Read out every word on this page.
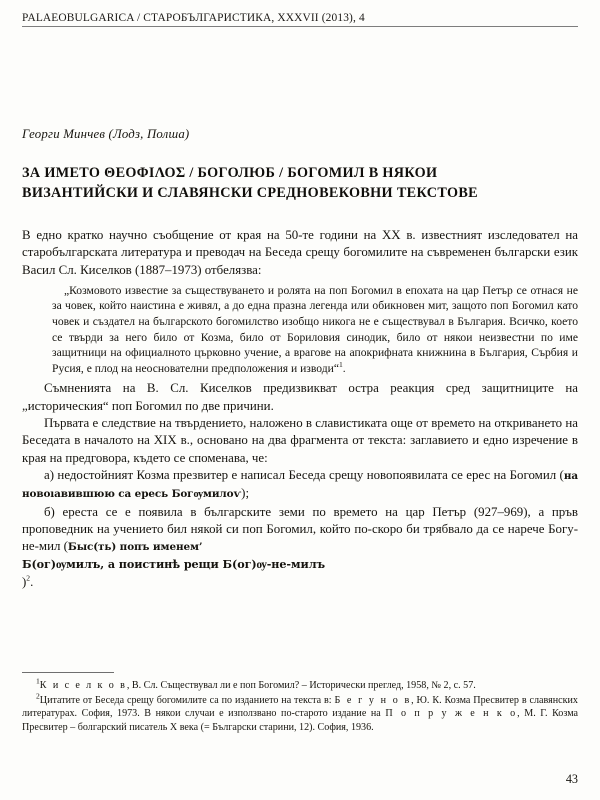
PALAEOBULGARICA / СТАРОБЪЛГАРИСТИКА, XXXVII (2013), 4
Георги Минчев (Лодз, Полша)
ЗА ИМЕТО ΘΕΟΦΙΛΟΣ / БОГОЛЮБ / БОГОМИЛ В НЯКОИ
ВИЗАНТИЙСКИ И СЛАВЯНСКИ СРЕДНОВЕКОВНИ ТЕКСТОВЕ

В едно кратко научно съобщение от края на 50-те години на XX в. известният изследовател на старобългарската литература и преводач на Беседа срещу богомилите на съвременен български език Васил Сл. Киселков (1887–1973) отбелязва:

„Козмовото известие за съществуването и ролята на поп Богомил в епохата на цар Петър се отнася не за човек, който наистина е живял, а до една празна легенда или обикновен мит, защото поп Богомил като човек и създател на българското богомилство изобщо никога не е съществувал в България. Всичко, което се твърди за него било от Козма, било от Бориловия синодик, било от някои неизвестни по име защитници на официалното църковно учение, а врагове на апокрифната книжнина в България, Сърбия и Русия, е плод на неоснователни предположения и изводи“$^1$.

Съмненията на В. Сл. Киселков предизвикват остра реакция сред защитниците на „историческия“ поп Богомил по две причини.

Първата е следствие на твърдението, наложено в славистиката още от времето на откриването на Беседата в началото на XIX в., основано на два фрагмента от текста: заглавието и едно изречение в края на предговора, където се споменава, че:

а) недостойният Козма презвитер е написал Беседа срещу новопоявилата се ерес на Богомил (на новоıавившюю са ересь Богѹмилоѵ);

б) ереста се е появила в българските земи по времето на цар Петър (927–969), а пръв проповедник на учението бил някой си поп Богомил, който по-скоро би трябвало да се нарече Богу-не-мил (Быс(ть) попъ именем’
Б(ог)ѹмилъ, а поистинѣ рещи Б(ог)ѹ-не-милъ
)$^2$.

$^1$К и с е л к о в, В. Сл. Съществувал ли е поп Богомил? – Исторически преглед, 1958, № 2, с. 57.

$^2$Цитатите от Беседа срещу богомилите са по изданието на текста в: Б е г у н о в, Ю. К. Козма Пресвитер в славянских литературах. София, 1973. В някои случаи е използвано по-старото издание на П о п р у ж е н к о, М. Г. Козма Пресвитер – болгарский писатель X века (= Български старини, 12). София, 1936.

43
